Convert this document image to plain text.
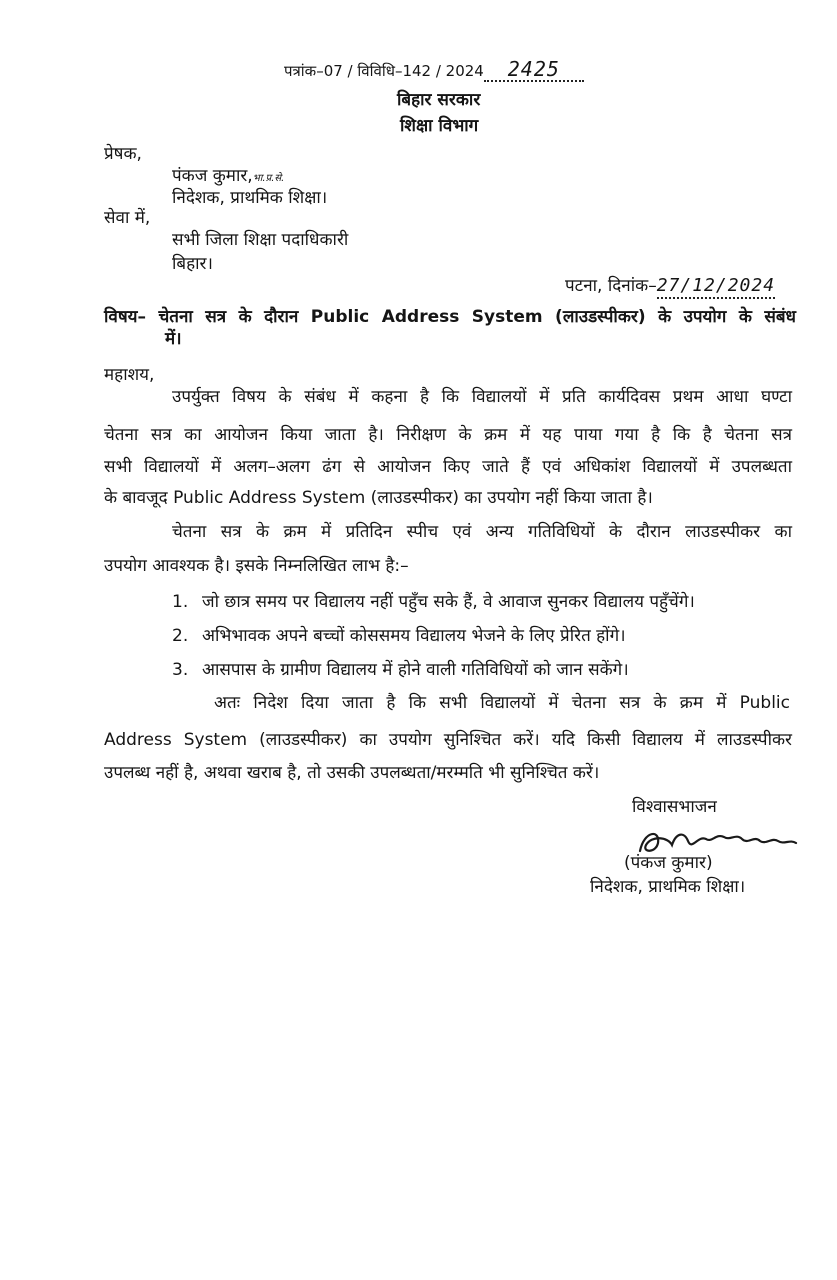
पत्रांक–07 / विविधि–142 / 2024 2425
बिहार सरकार
शिक्षा विभाग
प्रेषक,
पंकज कुमार,भा.प्र.से.
निदेशक, प्राथमिक शिक्षा।
सेवा में,
सभी जिला शिक्षा पदाधिकारी
बिहार।
पटना, दिनांक–27/12/2024
विषय– चेतना सत्र के दौरान Public Address System (लाउडस्पीकर) के उपयोग के संबंध
में।
महाशय,
उपर्युक्त विषय के संबंध में कहना है कि विद्यालयों में प्रति कार्यदिवस प्रथम आधा घण्टा
चेतना सत्र का आयोजन किया जाता है। निरीक्षण के क्रम में यह पाया गया है कि है चेतना सत्र
सभी विद्यालयों में अलग–अलग ढंग से आयोजन किए जाते हैं एवं अधिकांश विद्यालयों में उपलब्धता
के बावजूद Public Address System (लाउडस्पीकर) का उपयोग नहीं किया जाता है।
चेतना सत्र के क्रम में प्रतिदिन स्पीच एवं अन्य गतिविधियों के दौरान लाउडस्पीकर का
उपयोग आवश्यक है। इसके निम्नलिखित लाभ है:–
1. जो छात्र समय पर विद्यालय नहीं पहुँच सके हैं, वे आवाज सुनकर विद्यालय पहुँचेंगे।
2. अभिभावक अपने बच्चों कोससमय विद्यालय भेजने के लिए प्रेरित होंगे।
3. आसपास के ग्रामीण विद्यालय में होने वाली गतिविधियों को जान सकेंगे।
अतः निदेश दिया जाता है कि सभी विद्यालयों में चेतना सत्र के क्रम में Public
Address System (लाउडस्पीकर) का उपयोग सुनिश्चित करें। यदि किसी विद्यालय में लाउडस्पीकर
उपलब्ध नहीं है, अथवा खराब है, तो उसकी उपलब्धता/मरम्मति भी सुनिश्चित करें।
विश्वासभाजन
(पंकज कुमार)
निदेशक, प्राथमिक शिक्षा।
